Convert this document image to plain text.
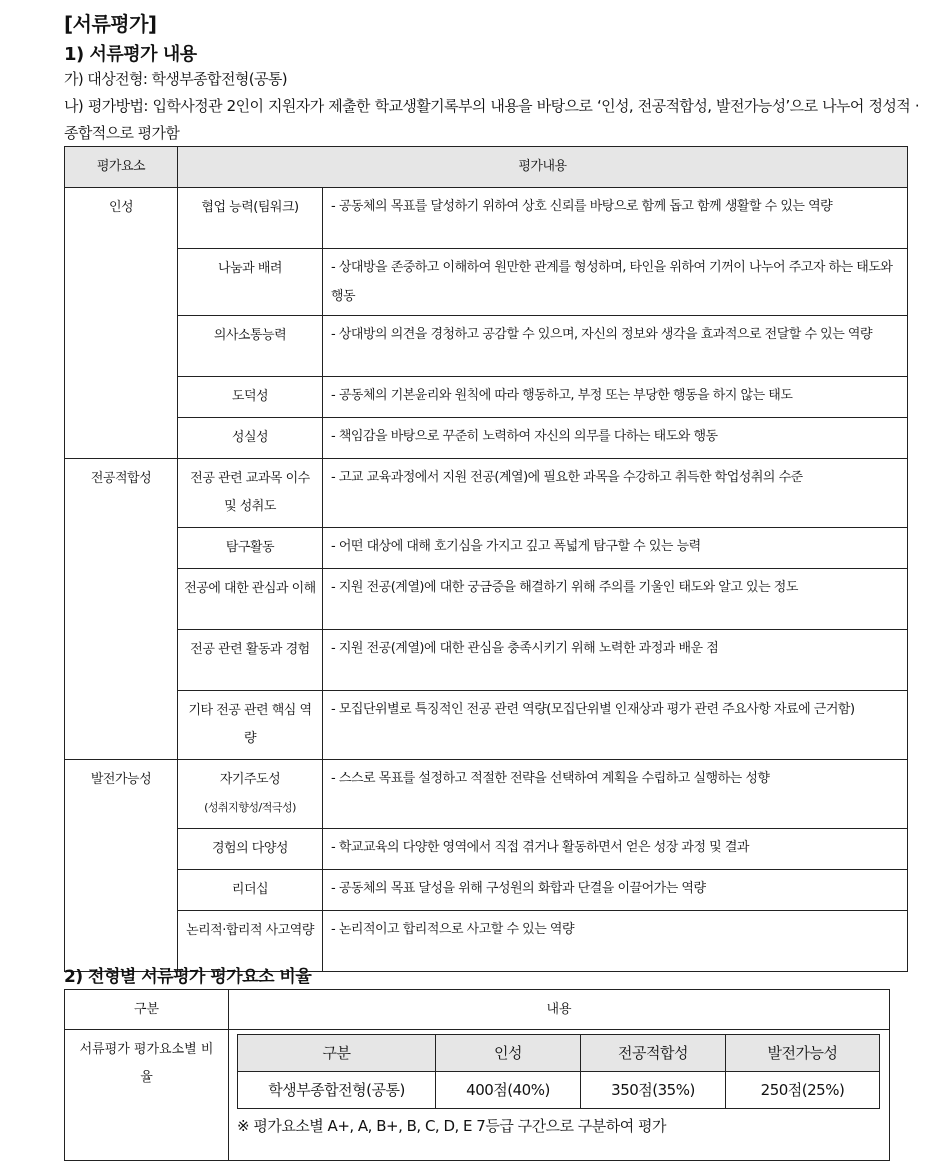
[서류평가]
1) 서류평가 내용
가) 대상전형: 학생부종합전형(공통)
나) 평가방법: 입학사정관 2인이 지원자가 제출한 학교생활기록부의 내용을 바탕으로 ‘인성, 전공적합성, 발전가능성’으로 나누어 정성적 · 종합적으로 평가함
평가요소	평가내용	
인성	협업 능력(팀워크)	- 공동체의 목표를 달성하기 위하여 상호 신뢰를 바탕으로 함께 돕고 함께 생활할 수 있는 역량

	나눔과 배려	- 상대방을 존중하고 이해하여 원만한 관계를 형성하며, 타인을 위하여 기꺼이 나누어 주고자 하는 태도와 행동

	의사소통능력	- 상대방의 의견을 경청하고 공감할 수 있으며, 자신의 정보와 생각을 효과적으로 전달할 수 있는 역량

	도덕성	- 공동체의 기본윤리와 원칙에 따라 행동하고, 부정 또는 부당한 행동을 하지 않는 태도

	성실성	- 책임감을 바탕으로 꾸준히 노력하여 자신의 의무를 다하는 태도와 행동
전공적합성	전공 관련 교과목 이수 및 성취도	- 고교 교육과정에서 지원 전공(계열)에 필요한 과목을 수강하고 취득한 학업성취의 수준

	탐구활동	- 어떤 대상에 대해 호기심을 가지고 깊고 폭넓게 탐구할 수 있는 능력

	전공에 대한 관심과 이해	- 지원 전공(계열)에 대한 궁금증을 해결하기 위해 주의를 기울인 태도와 알고 있는 정도

	전공 관련 활동과 경험	- 지원 전공(계열)에 대한 관심을 충족시키기 위해 노력한 과정과 배운 점

	기타 전공 관련 핵심 역량	- 모집단위별로 특징적인 전공 관련 역량(모집단위별 인재상과 평가 관련 주요사항 자료에 근거함)
발전가능성	자기주도성
(성취지향성/적극성)	- 스스로 목표를 설정하고 적절한 전략을 선택하여 계획을 수립하고 실행하는 성향

	경험의 다양성	- 학교교육의 다양한 영역에서 직접 겪거나 활동하면서 얻은 성장 과정 및 결과

	리더십	- 공동체의 목표 달성을 위해 구성원의 화합과 단결을 이끌어가는 역량

	논리적·합리적 사고역량	- 논리적이고 합리적으로 사고할 수 있는 역량
2) 전형별 서류평가 평가요소 비율
구분	내용
서류평가 평가요소별 비율	
구분	인성	전공적합성	발전가능성
학생부종합전형(공통)	400점(40%)	350점(35%)	250점(25%)
※ 평가요소별 A+, A, B+, B, C, D, E 7등급 구간으로 구분하여 평가
